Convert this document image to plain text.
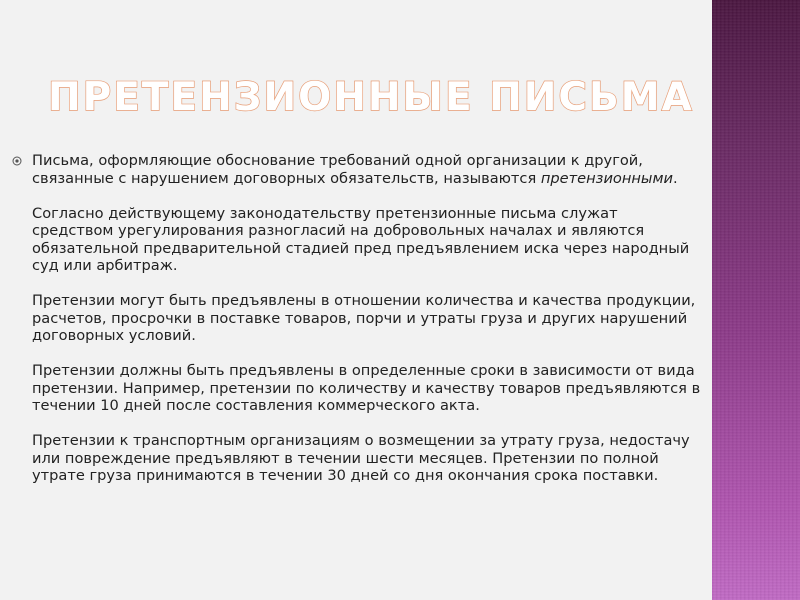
ПРЕТЕНЗИОННЫЕ ПИСЬМА

Письма, оформляющие обоснование требований одной организации к другой, связанные с нарушением договорных обязательств, называются претензионными.

Согласно действующему законодательству претензионные письма служат средством урегулирования разногласий на добровольных началах и являются обязательной предварительной стадией пред предъявлением иска через народный суд или арбитраж.

Претензии могут быть предъявлены в отношении количества и качества продукции, расчетов, просрочки в поставке товаров, порчи и утраты груза и других нарушений договорных условий.

Претензии должны быть предъявлены в определенные сроки в зависимости от вида претензии. Например, претензии по количеству и качеству товаров предъявляются в течении 10 дней после составления коммерческого акта.

Претензии к транспортным организациям о возмещении за утрату груза, недостачу или повреждение предъявляют в течении шести месяцев. Претензии по полной утрате груза принимаются в течении 30 дней со дня окончания срока поставки.
